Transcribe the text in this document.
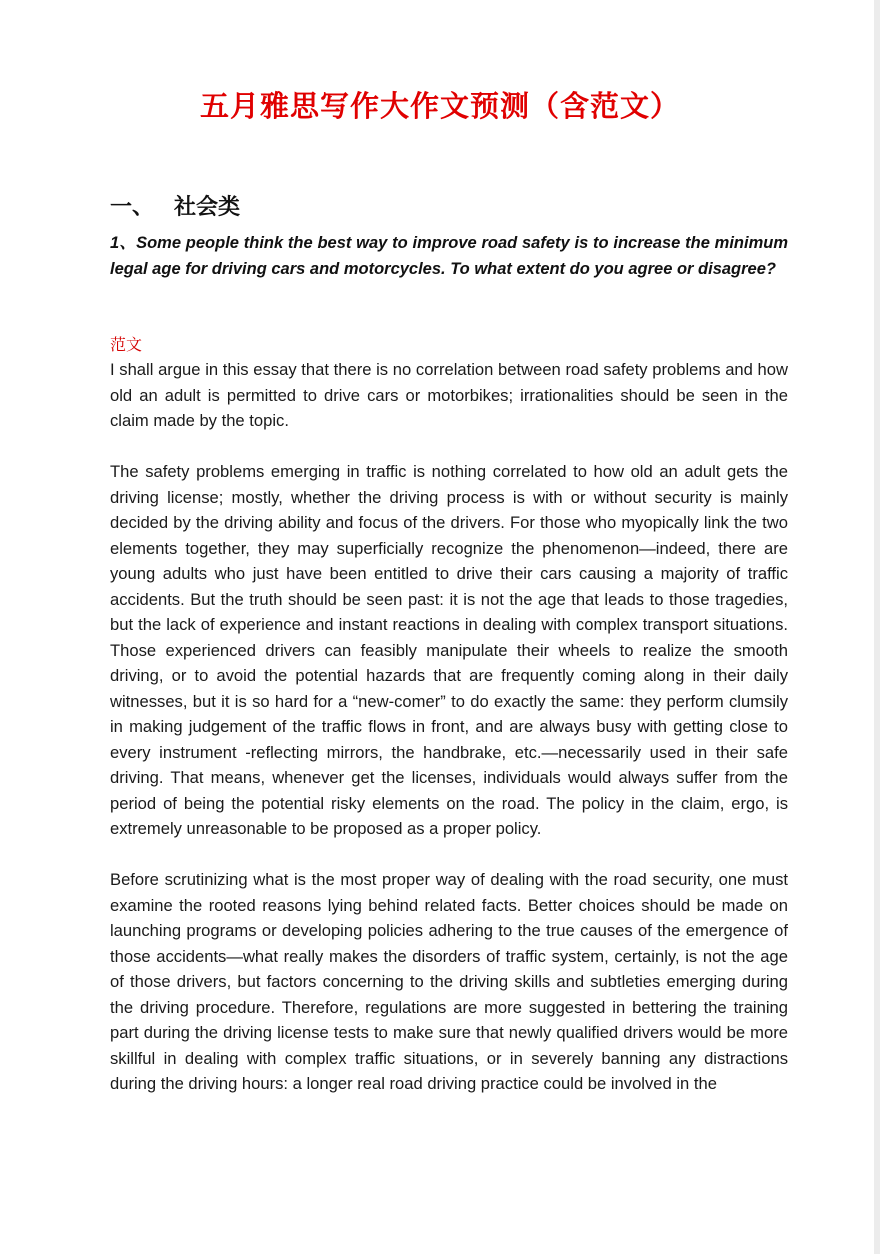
五月雅思写作大作文预测（含范文）
一、 社会类

1、Some people think the best way to improve road safety is to increase the minimum legal age for driving cars and motorcycles. To what extent do you agree or disagree?

范文

I shall argue in this essay that there is no correlation between road safety problems and how old an adult is permitted to drive cars or motorbikes; irrationalities should be seen in the claim made by the topic.

The safety problems emerging in traffic is nothing correlated to how old an adult gets the driving license; mostly, whether the driving process is with or without security is mainly decided by the driving ability and focus of the drivers. For those who myopically link the two elements together, they may superficially recognize the phenomenon—indeed, there are young adults who just have been entitled to drive their cars causing a majority of traffic accidents. But the truth should be seen past: it is not the age that leads to those tragedies, but the lack of experience and instant reactions in dealing with complex transport situations. Those experienced drivers can feasibly manipulate their wheels to realize the smooth driving, or to avoid the potential hazards that are frequently coming along in their daily witnesses, but it is so hard for a “new-comer” to do exactly the same: they perform clumsily in making judgement of the traffic flows in front, and are always busy with getting close to every instrument -reflecting mirrors, the handbrake, etc.—necessarily used in their safe driving. That means, whenever get the licenses, individuals would always suffer from the period of being the potential risky elements on the road. The policy in the claim, ergo, is extremely unreasonable to be proposed as a proper policy.

Before scrutinizing what is the most proper way of dealing with the road security, one must examine the rooted reasons lying behind related facts. Better choices should be made on launching programs or developing policies adhering to the true causes of the emergence of those accidents—what really makes the disorders of traffic system, certainly, is not the age of those drivers, but factors concerning to the driving skills and subtleties emerging during the driving procedure. Therefore, regulations are more suggested in bettering the training part during the driving license tests to make sure that newly qualified drivers would be more skillful in dealing with complex traffic situations, or in severely banning any distractions during the driving hours: a longer real road driving practice could be involved in the
